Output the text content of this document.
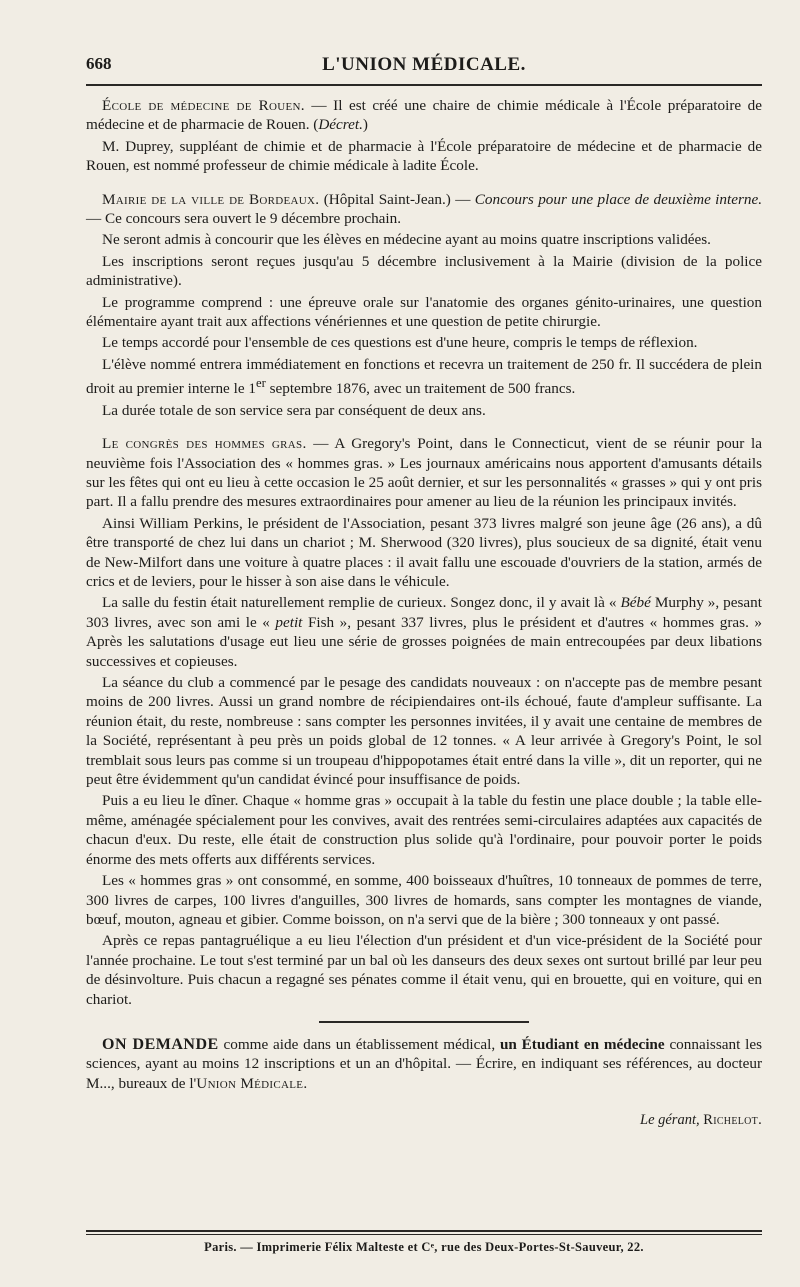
668	L'UNION MÉDICALE.

École de médecine de Rouen. — Il est créé une chaire de chimie médicale à l'École préparatoire de médecine et de pharmacie de Rouen. (Décret.)

M. Duprey, suppléant de chimie et de pharmacie à l'École préparatoire de médecine et de pharmacie de Rouen, est nommé professeur de chimie médicale à ladite École.

Mairie de la ville de Bordeaux. (Hôpital Saint-Jean.) — Concours pour une place de deuxième interne. — Ce concours sera ouvert le 9 décembre prochain.

Ne seront admis à concourir que les élèves en médecine ayant au moins quatre inscriptions validées.

Les inscriptions seront reçues jusqu'au 5 décembre inclusivement à la Mairie (division de la police administrative).

Le programme comprend : une épreuve orale sur l'anatomie des organes génito-urinaires, une question élémentaire ayant trait aux affections vénériennes et une question de petite chirurgie.

Le temps accordé pour l'ensemble de ces questions est d'une heure, compris le temps de réflexion.

L'élève nommé entrera immédiatement en fonctions et recevra un traitement de 250 fr. Il succédera de plein droit au premier interne le 1er septembre 1876, avec un traitement de 500 francs.

La durée totale de son service sera par conséquent de deux ans.

Le congrès des hommes gras. — A Gregory's Point, dans le Connecticut, vient de se réunir pour la neuvième fois l'Association des « hommes gras. » Les journaux américains nous apportent d'amusants détails sur les fêtes qui ont eu lieu à cette occasion le 25 août dernier, et sur les personnalités « grasses » qui y ont pris part. Il a fallu prendre des mesures extraordinaires pour amener au lieu de la réunion les principaux invités.

Ainsi William Perkins, le président de l'Association, pesant 373 livres malgré son jeune âge (26 ans), a dû être transporté de chez lui dans un chariot ; M. Sherwood (320 livres), plus soucieux de sa dignité, était venu de New-Milfort dans une voiture à quatre places : il avait fallu une escouade d'ouvriers de la station, armés de crics et de leviers, pour le hisser à son aise dans le véhicule.

La salle du festin était naturellement remplie de curieux. Songez donc, il y avait là « Bébé Murphy », pesant 303 livres, avec son ami le « petit Fish », pesant 337 livres, plus le président et d'autres « hommes gras. » Après les salutations d'usage eut lieu une série de grosses poignées de main entrecoupées par deux libations successives et copieuses.

La séance du club a commencé par le pesage des candidats nouveaux : on n'accepte pas de membre pesant moins de 200 livres. Aussi un grand nombre de récipiendaires ont-ils échoué, faute d'ampleur suffisante. La réunion était, du reste, nombreuse : sans compter les personnes invitées, il y avait une centaine de membres de la Société, représentant à peu près un poids global de 12 tonnes. « A leur arrivée à Gregory's Point, le sol tremblait sous leurs pas comme si un troupeau d'hippopotames était entré dans la ville », dit un reporter, qui ne peut être évidemment qu'un candidat évincé pour insuffisance de poids.

Puis a eu lieu le dîner. Chaque « homme gras » occupait à la table du festin une place double ; la table elle-même, aménagée spécialement pour les convives, avait des rentrées semi-circulaires adaptées aux capacités de chacun d'eux. Du reste, elle était de construction plus solide qu'à l'ordinaire, pour pouvoir porter le poids énorme des mets offerts aux différents services.

Les « hommes gras » ont consommé, en somme, 400 boisseaux d'huîtres, 10 tonneaux de pommes de terre, 300 livres de carpes, 100 livres d'anguilles, 300 livres de homards, sans compter les montagnes de viande, bœuf, mouton, agneau et gibier. Comme boisson, on n'a servi que de la bière ; 300 tonneaux y ont passé.

Après ce repas pantagruélique a eu lieu l'élection d'un président et d'un vice-président de la Société pour l'année prochaine. Le tout s'est terminé par un bal où les danseurs des deux sexes ont surtout brillé par leur peu de désinvolture. Puis chacun a regagné ses pénates comme il était venu, qui en brouette, qui en voiture, qui en chariot.

ON DEMANDE comme aide dans un établissement médical, un Étudiant en médecine connaissant les sciences, ayant au moins 12 inscriptions et un an d'hôpital. — Écrire, en indiquant ses références, au docteur M..., bureaux de l'Union Médicale.

Le gérant, Richelot.
Paris. — Imprimerie Félix Malteste et Cᵉ, rue des Deux-Portes-St-Sauveur, 22.
